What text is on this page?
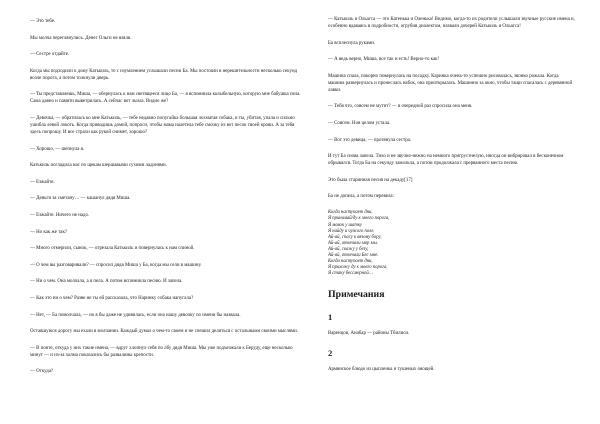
— Это тебе.

Мы молча переглянулись. Денег Ольги не взяли.

— Сестре отдайте.

Когда мы подходили к дому Катькиль, то с изумлением услышали песни Ба. Мы постояли в нерешительности несколько секунд возле порога, а потом толкнули дверь.

— Ты представляешь, Миша, — обернулась к нам светящееся лицо Ба, — я вспомнила колыбельную, которую мне бабушка пела. Сама давно и памяти выветрилась. А сейчас вот льнла. Видно же?

— Девочка, — обратилась ко мне Катькиль, — тебе недавно попугайка большая лохматая собака, и ты, убитая, упала и сильно ушибла левой локоть. Когда приводишь домой, попроси, чтобы мама налетела тебе смочку из вот песок твоей крови. А за тебя здесь попрошу. И все страхи как рукой снимет, хорошо?

— Хорошо, — шепнула я.

Катькиль погладила нас по щекам шершавыми сухими ладонями.

— Езжайте.

— Деньги за сметану… — кашанул дядя Миша.

— Езжайте. Ничего не надо.

— Но как же так?

— Много отмерили, сынок, — отрезала Катькиль и повернулась к нам спиной.

— О чем вы разговаривали? — спросил дядя Миша у Ба, когда мы сели в машину.

— Ни о чем. Она молчала, а я пела. А потом вспомнила песню. И запела.

— Как это ни о чем? Разве не ты ей рассказала, что Наринку собака напугала?

— Нет, — Ба помолчала, — но я бы даже не удивилась, если она нашу девочку по имени бы назвала.

Оставшуюся дорогу мы ехали в молчании. Каждый думал о чем-то своем и не спешил делиться с остальными своими мыслями.

— В понте, откуда у них такие имена, — вдруг хлопнул себя по лбу дядя Миша. Мы уже подъезжали к Беруду, еще несколько минут — и из-за холма показались бы развалины крепости.

— Откуда?

— Катькиль и Ольагса — это Катенька и Оленька! Видимо, когда-то их родители услышали звучные русские имена и, особенно вдаваясь в подробности, огрубив диалектом, назвали дочерей Катькиль и Ольагса!

Ба всплеснула руками.

— А ведь верно, Миша, все так и есть! Верно-то как!

Машина спала, покорно повернулась на посадку. Каринка очень-то успешно рисовалась, звонко рожала. Когда машина развернулась и пронеслась набок, она приоткрылась. Машинно за окно, чтобы тащи спасалась с деревянной лавки.

— Тебя что, совсем не мутит? — в очередной раз спросила она меня.

— Совсем. Нов целом устала.

— Вот это девица, — протянула сестра.

И тут Ба снова запела. Тихо и не звучно-нежно на немного пригрустнелую, иногда он вибрировал в бесконечном обрывался. Тогда Ба на секунду замолкла, а потом продолжала с прерванного места песню.

Это была старинная песня на декаду[17]

Ба не допела, а потом перевела:

Когда наступает дни,
Я принимай/ду к моего порога,
Я мавок у шатку
Я найду и чужого поле.
Ай-ай, спасу к вязому бору,
Ай-ай, отвечали мор мы.
Ай-ай, скажу у безу,
Ай-ай, отвечали Бес мне.
Когда наступает дни,
Я прихожу ду к моего порога,
Я стану бессмерной…
Примечания
1
Варенцов, Анабар — районы Тбилиси.
2
Армянское блюдо из цыпленка и тушеных овощей.
